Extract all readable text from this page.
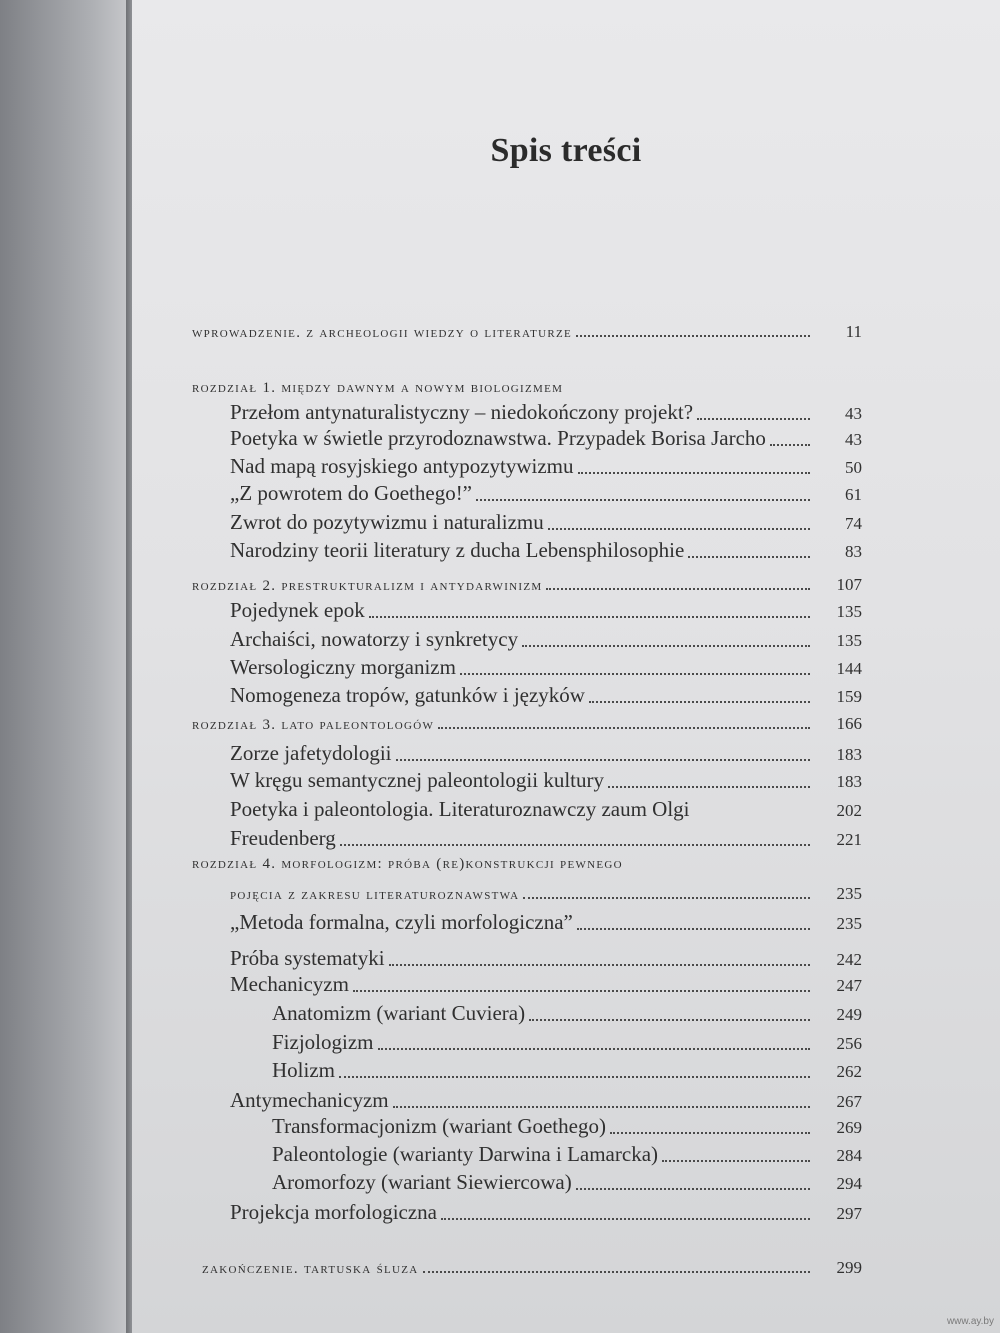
Spis treści
wprowadzenie. z archeologii wiedzy o literaturze	11
rozdział 1. między dawnym a nowym biologizmem
Przełom antynaturalistyczny – niedokończony projekt?	43
Poetyka w świetle przyrodoznawstwa. Przypadek Borisa Jarcho	43
Nad mapą rosyjskiego antypozytywizmu	50
„Z powrotem do Goethego!”	61
Zwrot do pozytywizmu i naturalizmu	74
Narodziny teorii literatury z ducha Lebensphilosophie	83
rozdział 2. prestrukturalizm i antydarwinizm	107
Pojedynek epok	135
Archaiści, nowatorzy i synkretycy	135
Wersologiczny morganizm	144
Nomogeneza tropów, gatunków i języków	159
rozdział 3. lato paleontologów	166
Zorze jafetydologii	183
W kręgu semantycznej paleontologii kultury	183
Poetyka i paleontologia. Literaturoznawczy zaum Olgi	202
Freudenberg	221
rozdział 4. morfologizm: próba (re)konstrukcji pewnego
pojęcia z zakresu literaturoznawstwa	235
„Metoda formalna, czyli morfologiczna”	235
Próba systematyki	242
Mechanicyzm	247
Anatomizm (wariant Cuviera)	249
Fizjologizm	256
Holizm	262
Antymechanicyzm	267
Transformacjonizm (wariant Goethego)	269
Paleontologie (warianty Darwina i Lamarcka)	284
Aromorfozy (wariant Siewiercowa)	294
Projekcja morfologiczna	297
zakończenie. tartuska śluza	299
www.ay.by
